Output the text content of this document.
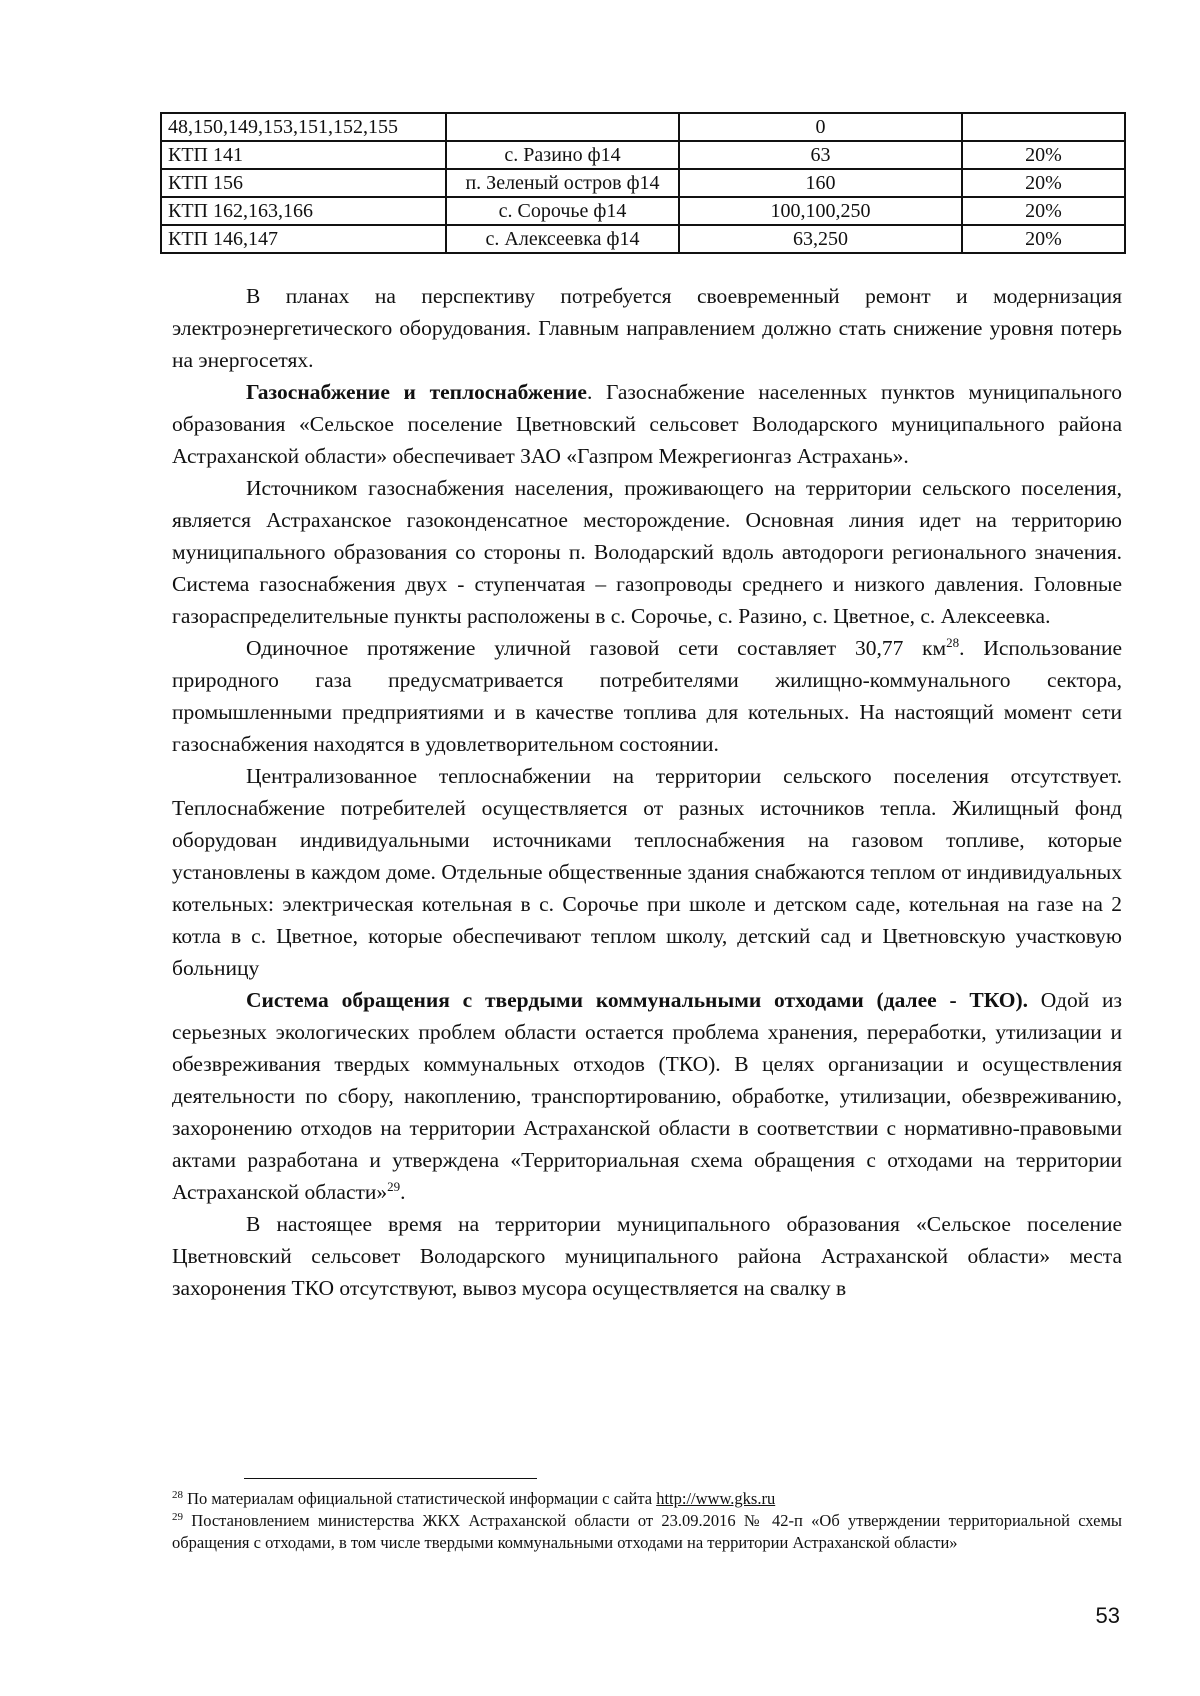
48,150,149,153,151,152,155		0	
КТП 141	с. Разино ф14	63	20%
КТП 156	п. Зеленый остров ф14	160	20%
КТП 162,163,166	с. Сорочье ф14	100,100,250	20%
КТП 146,147	с. Алексеевка ф14	63,250	20%

В планах на перспективу потребуется своевременный ремонт и модернизация электроэнергетического оборудования. Главным направлением должно стать снижение уровня потерь на энергосетях.

Газоснабжение и теплоснабжение. Газоснабжение населенных пунктов муниципального образования «Сельское поселение Цветновский сельсовет Володарского муниципального района Астраханской области» обеспечивает ЗАО «Газпром Межрегионгаз Астрахань».

Источником газоснабжения населения, проживающего на территории сельского поселения, является Астраханское газоконденсатное месторождение. Основная линия идет на территорию муниципального образования со стороны п. Володарский вдоль автодороги регионального значения. Система газоснабжения двух - ступенчатая – газопроводы среднего и низкого давления. Головные газораспределительные пункты расположены в с. Сорочье, с. Разино, с. Цветное, с. Алексеевка.

Одиночное протяжение уличной газовой сети составляет 30,77 $км^{28}$. Использование природного газа предусматривается потребителями жилищно-коммунального сектора, промышленными предприятиями и в качестве топлива для котельных. На настоящий момент сети газоснабжения находятся в удовлетворительном состоянии.

Централизованное теплоснабжении на территории сельского поселения отсутствует. Теплоснабжение потребителей осуществляется от разных источников тепла. Жилищный фонд оборудован индивидуальными источниками теплоснабжения на газовом топливе, которые установлены в каждом доме. Отдельные общественные здания снабжаются теплом от индивидуальных котельных: электрическая котельная в с. Сорочье при школе и детском саде, котельная на газе на 2 котла в с. Цветное, которые обеспечивают теплом школу, детский сад и Цветновскую участковую больницу

Система обращения с твердыми коммунальными отходами (далее - ТКО). Одой из серьезных экологических проблем области остается проблема хранения, переработки, утилизации и обезвреживания твердых коммунальных отходов (ТКО). В целях организации и осуществления деятельности по сбору, накоплению, транспортированию, обработке, утилизации, обезвреживанию, захоронению отходов на территории Астраханской области в соответствии с нормативно-правовыми актами разработана и утверждена «Территориальная схема обращения с отходами на территории Астраханской области»$^{29}$.

В настоящее время на территории муниципального образования «Сельское поселение Цветновский сельсовет Володарского муниципального района Астраханской области» места захоронения ТКО отсутствуют, вывоз мусора осуществляется на свалку в

$^{28}$ По материалам официальной статистической информации с сайта http://www.gks.ru

$^{29}$ Постановлением министерства ЖКХ Астраханской области от 23.09.2016 № 42-п «Об утверждении территориальной схемы обращения с отходами, в том числе твердыми коммунальными отходами на территории Астраханской области»

53
